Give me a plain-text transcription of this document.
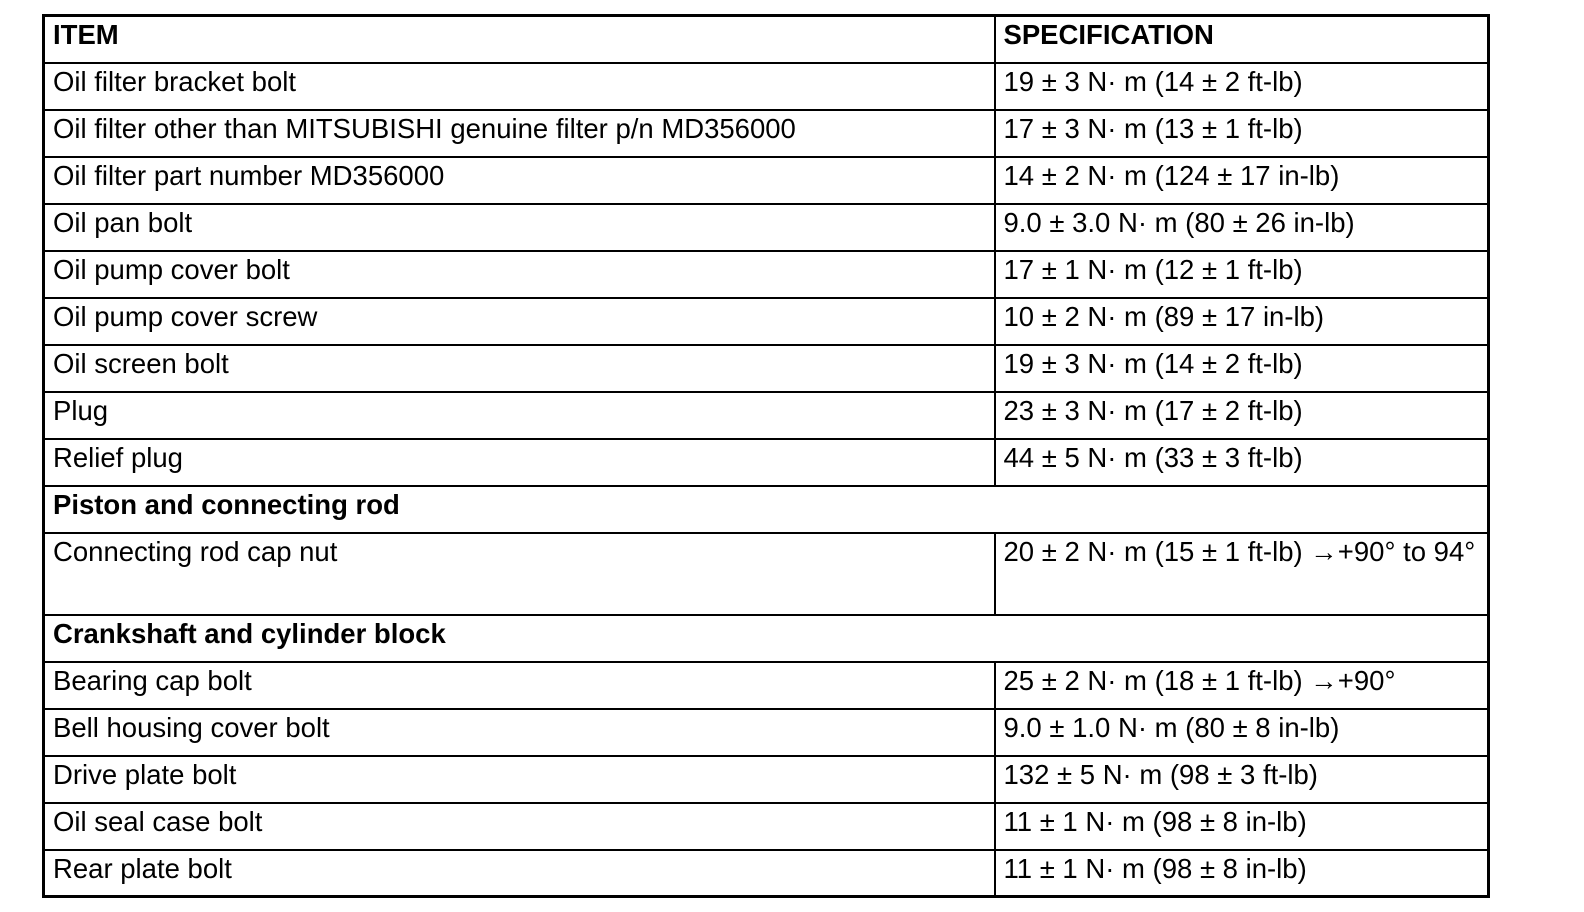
ITEM	SPECIFICATION
Oil filter bracket bolt	19 ± 3 N· m (14 ± 2 ft-lb)
Oil filter other than MITSUBISHI genuine filter p/n MD356000	17 ± 3 N· m (13 ± 1 ft-lb)
Oil filter part number MD356000	14 ± 2 N· m (124 ± 17 in-lb)
Oil pan bolt	9.0 ± 3.0 N· m (80 ± 26 in-lb)
Oil pump cover bolt	17 ± 1 N· m (12 ± 1 ft-lb)
Oil pump cover screw	10 ± 2 N· m (89 ± 17 in-lb)
Oil screen bolt	19 ± 3 N· m (14 ± 2 ft-lb)
Plug	23 ± 3 N· m (17 ± 2 ft-lb)
Relief plug	44 ± 5 N· m (33 ± 3 ft-lb)
Piston and connecting rod	
Connecting rod cap nut	20 ± 2 N· m (15 ± 1 ft-lb) →+90° to 94°
Crankshaft and cylinder block	
Bearing cap bolt	25 ± 2 N· m (18 ± 1 ft-lb) →+90°
Bell housing cover bolt	9.0 ± 1.0 N· m (80 ± 8 in-lb)
Drive plate bolt	132 ± 5 N· m (98 ± 3 ft-lb)
Oil seal case bolt	11 ± 1 N· m (98 ± 8 in-lb)
Rear plate bolt	11 ± 1 N· m (98 ± 8 in-lb)
